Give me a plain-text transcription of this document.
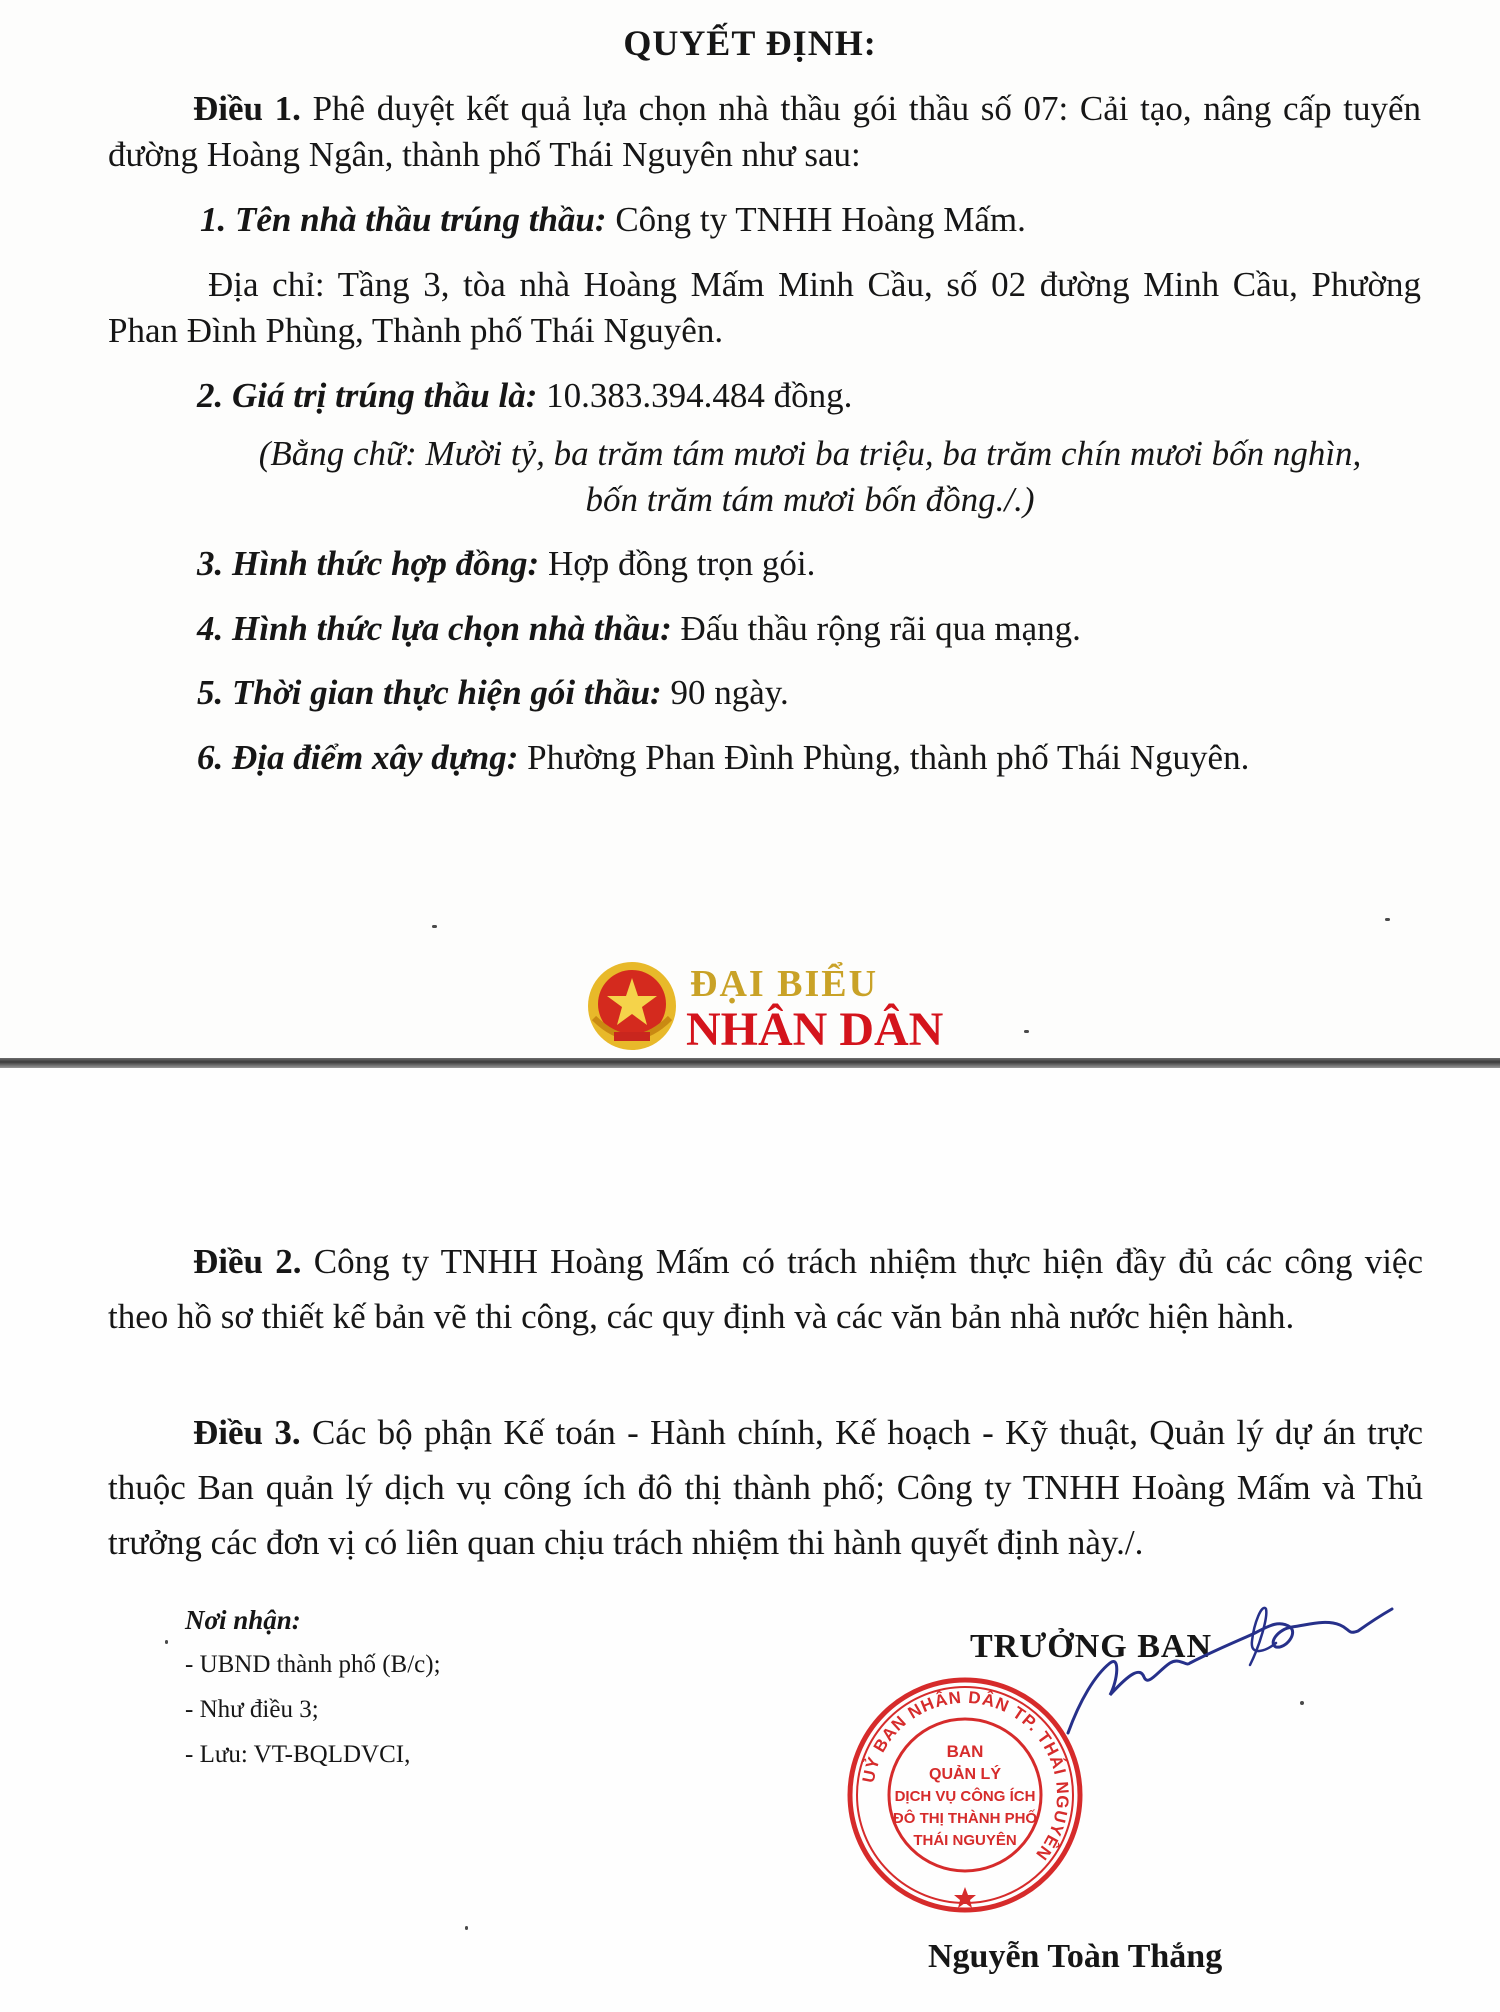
QUYẾT ĐỊNH:

Điều 1. Phê duyệt kết quả lựa chọn nhà thầu gói thầu số 07: Cải tạo, nâng cấp tuyến đường Hoàng Ngân, thành phố Thái Nguyên như sau:

1. Tên nhà thầu trúng thầu: Công ty TNHH Hoàng Mấm.

Địa chỉ: Tầng 3, tòa nhà Hoàng Mấm Minh Cầu, số 02 đường Minh Cầu, Phường Phan Đình Phùng, Thành phố Thái Nguyên.

2. Giá trị trúng thầu là: 10.383.394.484 đồng.

(Bằng chữ: Mười tỷ, ba trăm tám mươi ba triệu, ba trăm chín mươi bốn nghìn, bốn trăm tám mươi bốn đồng./.)

3. Hình thức hợp đồng: Hợp đồng trọn gói.

4. Hình thức lựa chọn nhà thầu: Đấu thầu rộng rãi qua mạng.

5. Thời gian thực hiện gói thầu: 90 ngày.

6. Địa điểm xây dựng: Phường Phan Đình Phùng, thành phố Thái Nguyên.

ĐẠI BIỂU
NHÂN DÂN

Điều 2. Công ty TNHH Hoàng Mấm có trách nhiệm thực hiện đầy đủ các công việc theo hồ sơ thiết kế bản vẽ thi công, các quy định và các văn bản nhà nước hiện hành.

Điều 3. Các bộ phận Kế toán - Hành chính, Kế hoạch - Kỹ thuật, Quản lý dự án trực thuộc Ban quản lý dịch vụ công ích đô thị thành phố; Công ty TNHH Hoàng Mấm và Thủ trưởng các đơn vị có liên quan chịu trách nhiệm thi hành quyết định này./.

Nơi nhận:
- UBND thành phố (B/c);
- Như điều 3;
- Lưu: VT-BQLDVCI,
TRƯỞNG BAN
UỶ BAN NHÂN DÂN TP. THÁI NGUYÊN
BAN
QUẢN LÝ
DỊCH VỤ CÔNG ÍCH
ĐÔ THỊ THÀNH PHỐ
THÁI NGUYÊN
Nguyễn Toàn Thắng
